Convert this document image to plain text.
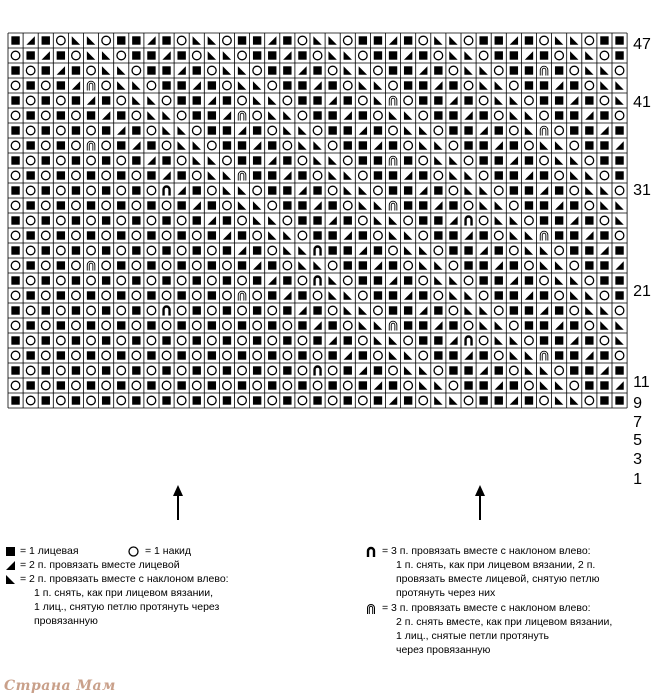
47
41
31
21
11
9
7
5
3
1
= 1 лицевая	= 1 накид
= 2 п. провязать вместе лицевой
= 2 п. провязать вместе с наклоном влево:
1 п. снять, как при лицевом вязании,
1 лиц., снятую петлю протянуть через
провязанную
= 3 п. провязать вместе с наклоном влево:
1 п. снять, как при лицевом вязании, 2 п.
провязать вместе лицевой, снятую петлю
протянуть через них
= 3 п. провязать вместе с наклоном влево:
2 п. снять вместе, как при лицевом вязании,
1 лиц., снятые петли протянуть
через провязанную
Страна Мам
